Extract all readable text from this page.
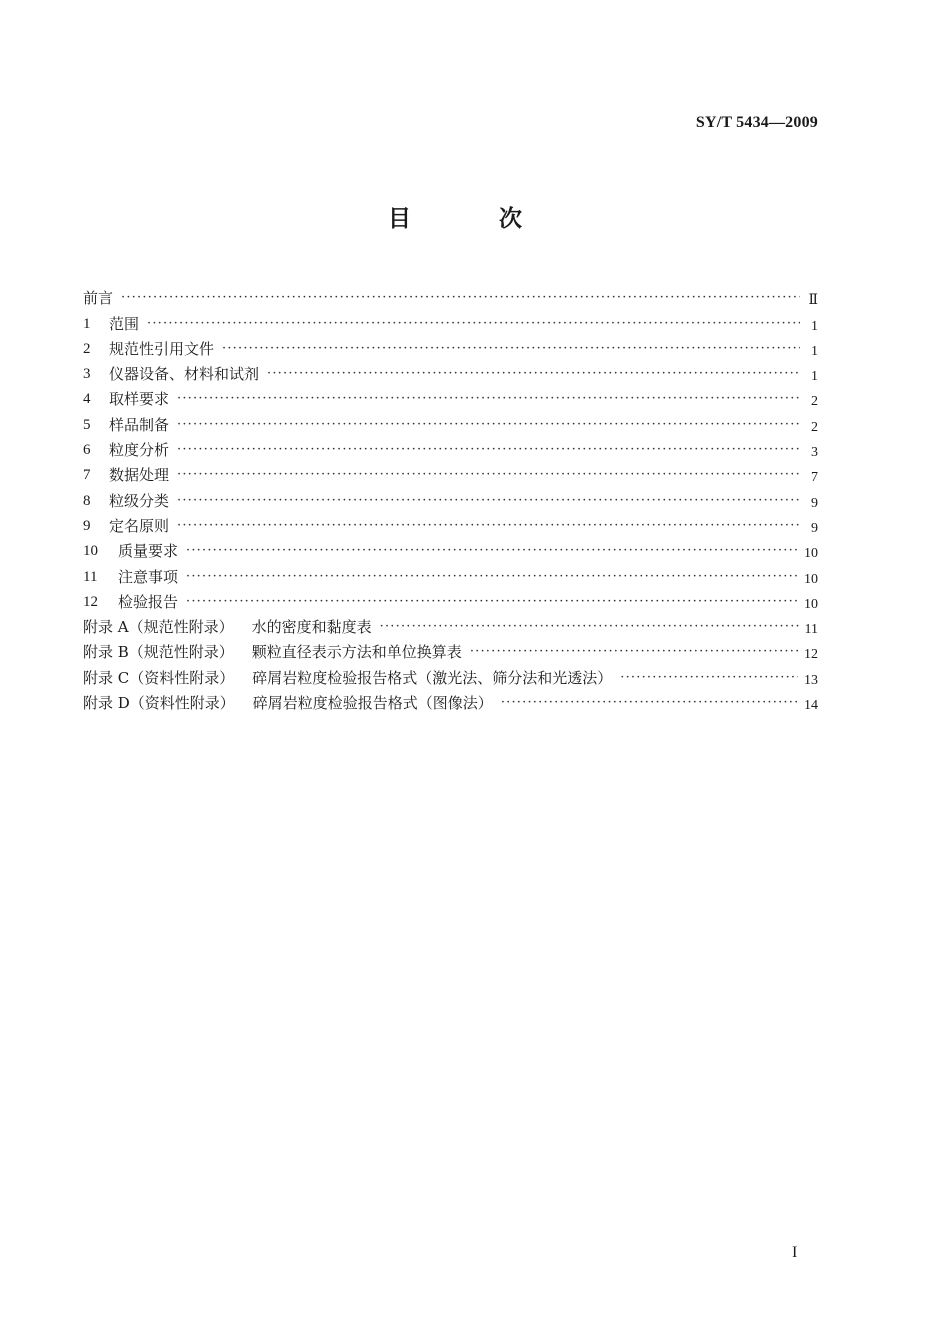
SY/T 5434—2009
目 次
前言 ·····	Ⅱ
1	范围 ·····	1
2	规范性引用文件 ·····	1
3	仪器设备、材料和试剂 ·····	1
4	取样要求 ·····	2
5	样品制备 ·····	2
6	粒度分析 ·····	3
7	数据处理 ·····	7
8	粒级分类 ·····	9
9	定名原则 ·····	9
10	质量要求 ·····	10
11	注意事项 ·····	10
12	检验报告 ·····	10
附录 A（规范性附录） 水的密度和黏度表 ·····	11
附录 B（规范性附录） 颗粒直径表示方法和单位换算表 ·····	12
附录 C（资料性附录） 碎屑岩粒度检验报告格式（激光法、筛分法和光透法） ·····	13
附录 D（资料性附录） 碎屑岩粒度检验报告格式（图像法） ·····	14
I
